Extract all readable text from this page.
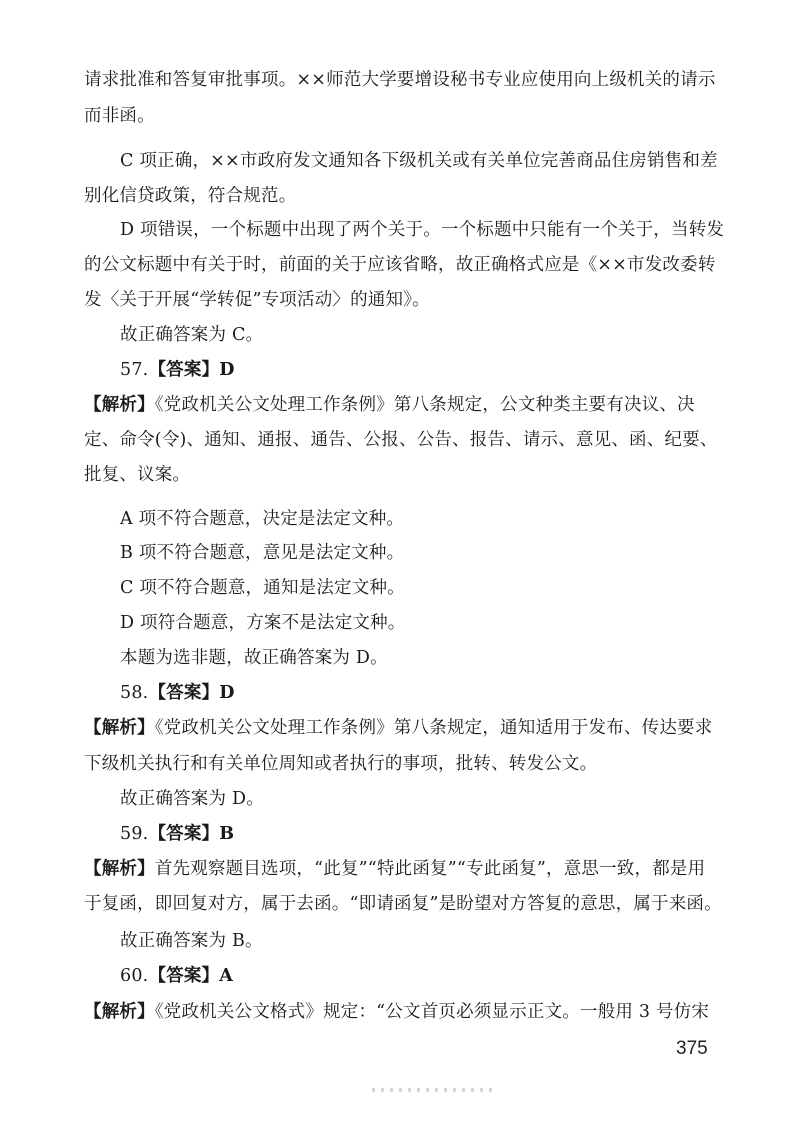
请求批准和答复审批事项。××师范大学要增设秘书专业应使用向上级机关的请示
而非函。
C 项正确，××市政府发文通知各下级机关或有关单位完善商品住房销售和差
别化信贷政策，符合规范。
D 项错误，一个标题中出现了两个关于。一个标题中只能有一个关于，当转发
的公文标题中有关于时，前面的关于应该省略，故正确格式应是《××市发改委转
发〈关于开展“学转促”专项活动〉的通知》。
故正确答案为 C。
57.【答案】D
【解析】《党政机关公文处理工作条例》第八条规定，公文种类主要有决议、决
定、命令(令)、通知、通报、通告、公报、公告、报告、请示、意见、函、纪要、
批复、议案。
A 项不符合题意，决定是法定文种。
B 项不符合题意，意见是法定文种。
C 项不符合题意，通知是法定文种。
D 项符合题意，方案不是法定文种。
本题为选非题，故正确答案为 D。
58.【答案】D
【解析】《党政机关公文处理工作条例》第八条规定，通知适用于发布、传达要求
下级机关执行和有关单位周知或者执行的事项，批转、转发公文。
故正确答案为 D。
59.【答案】B
【解析】首先观察题目选项，“此复”“特此函复”“专此函复”，意思一致，都是用
于复函，即回复对方，属于去函。“即请函复”是盼望对方答复的意思，属于来函。
故正确答案为 B。
60.【答案】A
【解析】《党政机关公文格式》规定：“公文首页必须显示正文。一般用 3 号仿宋
375
